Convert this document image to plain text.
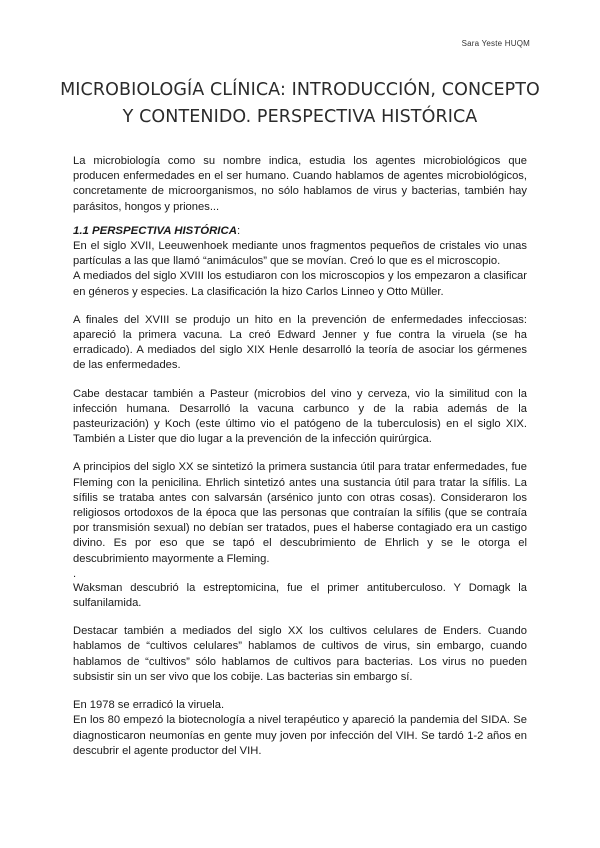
Sara Yeste HUQM
MICROBIOLOGÍA CLÍNICA: INTRODUCCIÓN, CONCEPTO Y CONTENIDO. PERSPECTIVA HISTÓRICA

La microbiología como su nombre indica, estudia los agentes microbiológicos que producen enfermedades en el ser humano. Cuando hablamos de agentes microbiológicos, concretamente de microorganismos, no sólo hablamos de virus y bacterias, también hay parásitos, hongos y priones...

1.1 PERSPECTIVA HISTÓRICA:

En el siglo XVII, Leeuwenhoek mediante unos fragmentos pequeños de cristales vio unas partículas a las que llamó “animáculos” que se movían. Creó lo que es el microscopio.

A mediados del siglo XVIII los estudiaron con los microscopios y los empezaron a clasificar en géneros y especies. La clasificación la hizo Carlos Linneo y Otto Müller.

A finales del XVIII se produjo un hito en la prevención de enfermedades infecciosas: apareció la primera vacuna. La creó Edward Jenner y fue contra la viruela (se ha erradicado). A mediados del siglo XIX Henle desarrolló la teoría de asociar los gérmenes de las enfermedades.

Cabe destacar también a Pasteur (microbios del vino y cerveza, vio la similitud con la infección humana. Desarrolló la vacuna carbunco y de la rabia además de la pasteurización) y Koch (este último vio el patógeno de la tuberculosis) en el siglo XIX. También a Lister que dio lugar a la prevención de la infección quirúrgica.

A principios del siglo XX se sintetizó la primera sustancia útil para tratar enfermedades, fue Fleming con la penicilina. Ehrlich sintetizó antes una sustancia útil para tratar la sífilis. La sífilis se trataba antes con salvarsán (arsénico junto con otras cosas). Consideraron los religiosos ortodoxos de la época que las personas que contraían la sífilis (que se contraía por transmisión sexual) no debían ser tratados, pues el haberse contagiado era un castigo divino. Es por eso que se tapó el descubrimiento de Ehrlich y se le otorga el descubrimiento mayormente a Fleming.

.

Waksman descubrió la estreptomicina, fue el primer antituberculoso. Y Domagk la sulfanilamida.

Destacar también a mediados del siglo XX los cultivos celulares de Enders. Cuando hablamos de “cultivos celulares” hablamos de cultivos de virus, sin embargo, cuando hablamos de “cultivos” sólo hablamos de cultivos para bacterias. Los virus no pueden subsistir sin un ser vivo que los cobije. Las bacterias sin embargo sí.

En 1978 se erradicó la viruela.

En los 80 empezó la biotecnología a nivel terapéutico y apareció la pandemia del SIDA. Se diagnosticaron neumonías en gente muy joven por infección del VIH. Se tardó 1-2 años en descubrir el agente productor del VIH.
